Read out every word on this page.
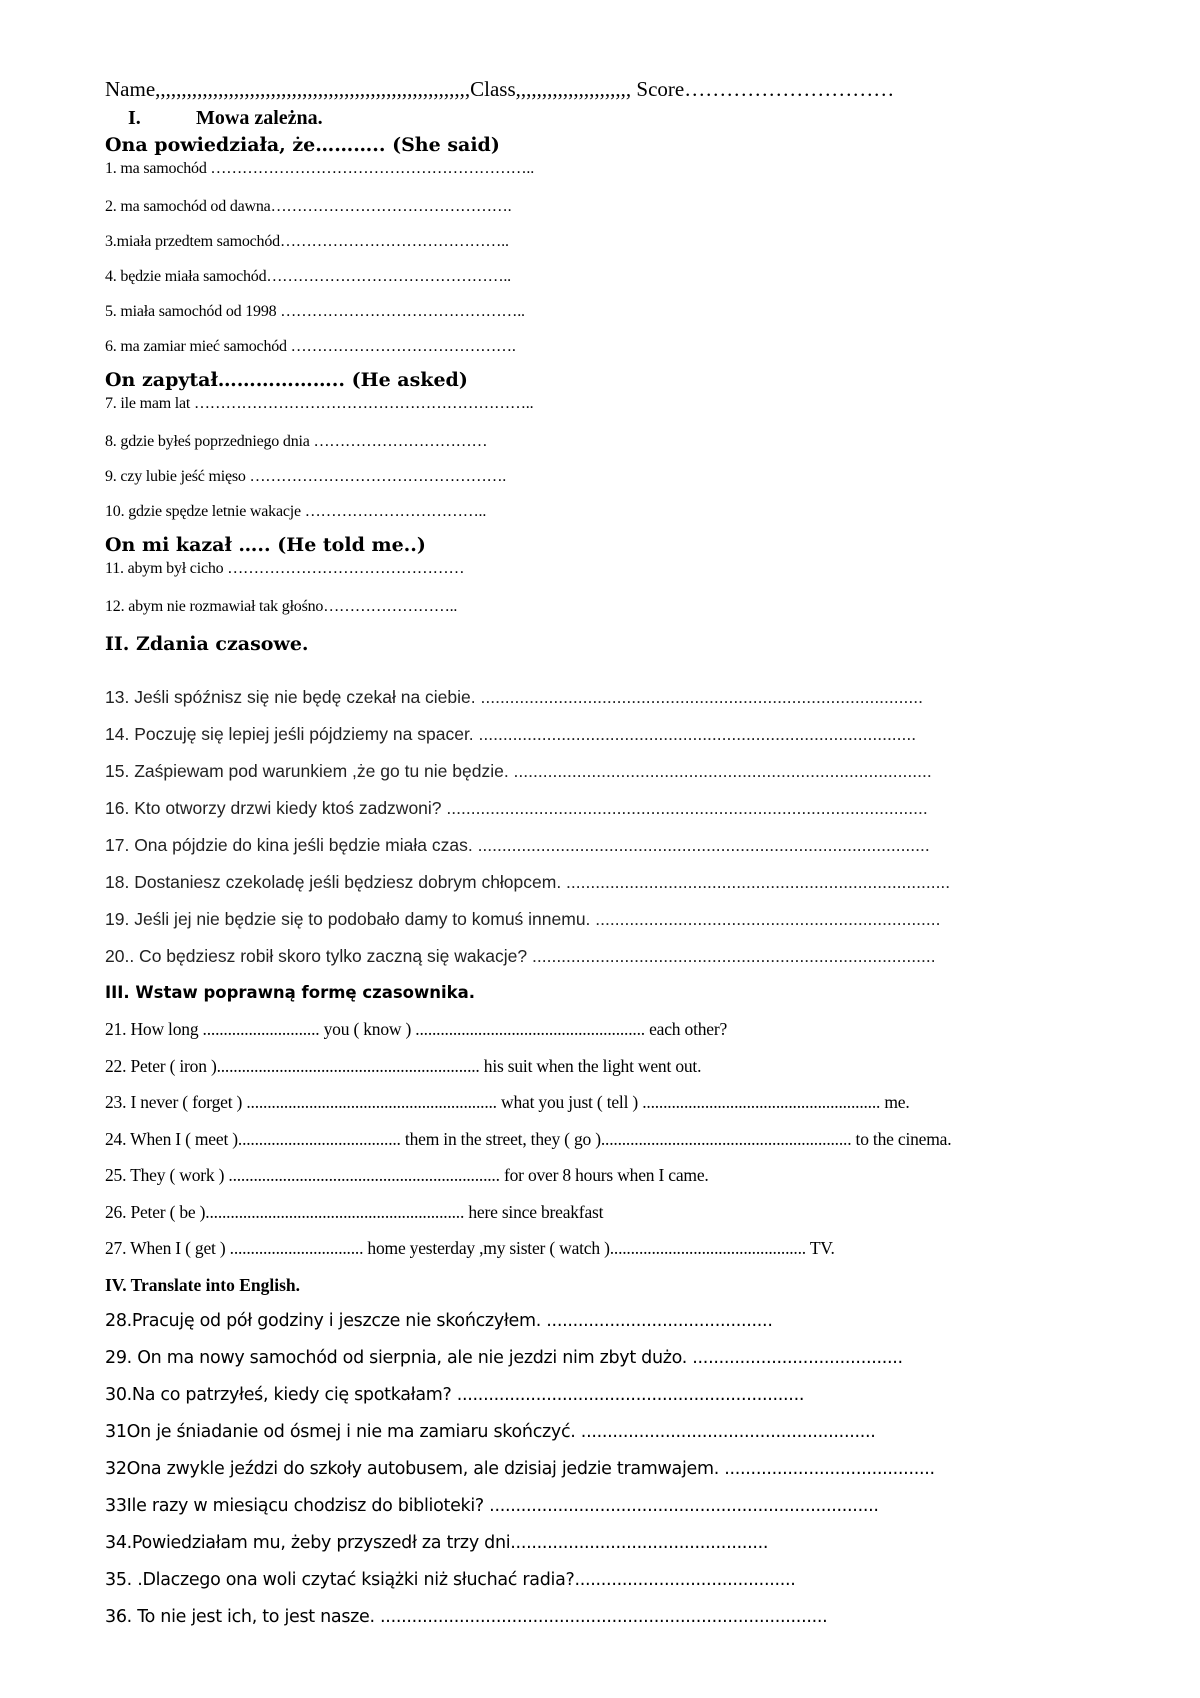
Name,,,,,,,,,,,,,,,,,,,,,,,,,,,,,,,,,,,,,,,,,,,,,,,,,,,,,,,,,,,,Class,,,,,,,,,,,,,,,,,,,,,, Score…………………………
I.	Mowa zależna.
Ona powiedziała, że……….. (She said)
1. ma samochód ……………………………………………………..
2. ma samochód od dawna……………………………………….
3.miała przedtem samochód……………………………………..
4. będzie miała samochód………………………………………..
5. miała samochód od 1998 ………………………………………..
6. ma zamiar mieć samochód …………………………………….
On zapytał……………….. (He asked)
7. ile mam lat ………………………………………………………..
8. gdzie byłeś poprzedniego dnia ……………………………
9. czy lubie jeść mięso ………………………………………….
10. gdzie spędze letnie wakacje ……………………………..
On mi kazał ….. (He told me..)
11. abym był cicho ………………………………………
12. abym nie rozmawiał tak głośno……………………..
II. Zdania czasowe.
13. Jeśli spóźnisz się nie będę czekał na ciebie. ...........................................................................................
14. Poczuję się lepiej jeśli pójdziemy na spacer. ..........................................................................................
15. Zaśpiewam pod warunkiem ,że go tu nie będzie. ......................................................................................
16. Kto otworzy drzwi kiedy ktoś zadzwoni? ...................................................................................................
17. Ona pójdzie do kina jeśli będzie miała czas. .............................................................................................
18. Dostaniesz czekoladę jeśli będziesz dobrym chłopcem. ...............................................................................
19. Jeśli jej nie będzie się to podobało damy to komuś innemu. .......................................................................
20.. Co będziesz robił skoro tylko zaczną się wakacje? ...................................................................................
III. Wstaw poprawną formę czasownika.
21. How long ............................ you ( know ) ....................................................... each other?
22. Peter ( iron )............................................................... his suit when the light went out.
23. I never ( forget ) ............................................................ what you just ( tell ) ......................................................... me.
24. When I ( meet )....................................... them in the street, they ( go )............................................................ to the cinema.
25. They ( work ) ................................................................. for over 8 hours when I came.
26. Peter ( be ).............................................................. here since breakfast
27. When I ( get ) ................................ home yesterday ,my sister ( watch )............................................... TV.
IV. Translate into English.
28.Pracuję od pół godziny i jeszcze nie skończyłem. ...........................................
29. On ma nowy samochód od sierpnia, ale nie jezdzi nim zbyt dużo. ........................................
30.Na co patrzyłeś, kiedy cię spotkałam? ..................................................................
31On je śniadanie od ósmej i nie ma zamiaru skończyć. ........................................................
32Ona zwykle jeździ do szkoły autobusem, ale dzisiaj jedzie tramwajem. ........................................
33Ile razy w miesiącu chodzisz do biblioteki? ..........................................................................
34.Powiedziałam mu, żeby przyszedł za trzy dni.................................................
35. .Dlaczego ona woli czytać książki niż słuchać radia?..........................................
36. To nie jest ich, to jest nasze. .....................................................................................
